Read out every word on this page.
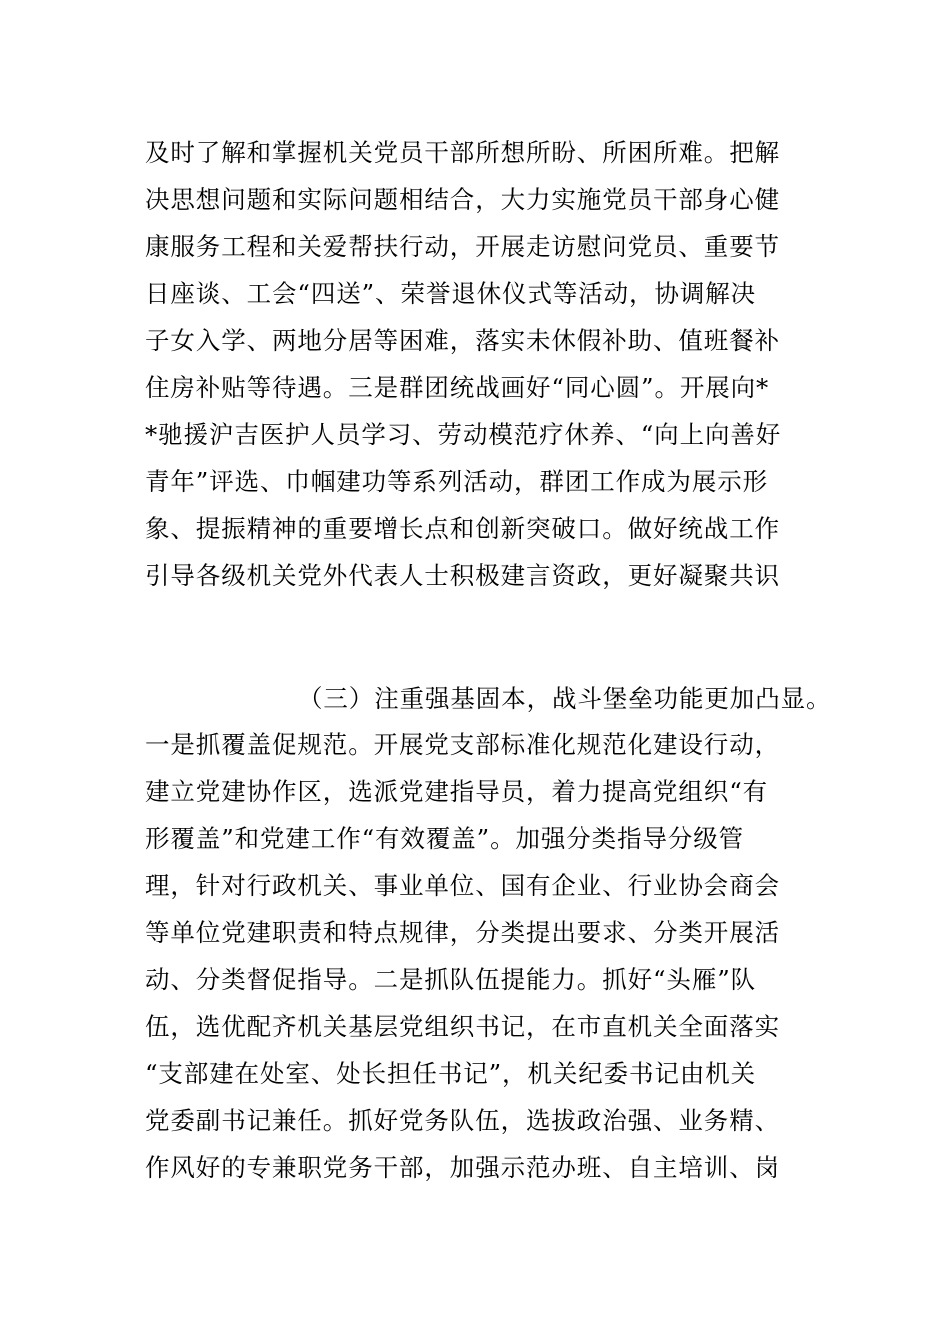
及时了解和掌握机关党员干部所想所盼、所困所难。把解
决思想问题和实际问题相结合，大力实施党员干部身心健
康服务工程和关爱帮扶行动，开展走访慰问党员、重要节
日座谈、工会“四送”、荣誉退休仪式等活动，协调解决
子女入学、两地分居等困难，落实未休假补助、值班餐补
住房补贴等待遇。三是群团统战画好“同心圆”。开展向*
*驰援沪吉医护人员学习、劳动模范疗休养、“向上向善好
青年”评选、巾帼建功等系列活动，群团工作成为展示形
象、提振精神的重要增长点和创新突破口。做好统战工作
引导各级机关党外代表人士积极建言资政，更好凝聚共识
（三）注重强基固本，战斗堡垒功能更加凸显。
一是抓覆盖促规范。开展党支部标准化规范化建设行动，
建立党建协作区，选派党建指导员，着力提高党组织“有
形覆盖”和党建工作“有效覆盖”。加强分类指导分级管
理，针对行政机关、事业单位、国有企业、行业协会商会
等单位党建职责和特点规律，分类提出要求、分类开展活
动、分类督促指导。二是抓队伍提能力。抓好“头雁”队
伍，选优配齐机关基层党组织书记，在市直机关全面落实
“支部建在处室、处长担任书记”，机关纪委书记由机关
党委副书记兼任。抓好党务队伍，选拔政治强、业务精、
作风好的专兼职党务干部，加强示范办班、自主培训、岗
